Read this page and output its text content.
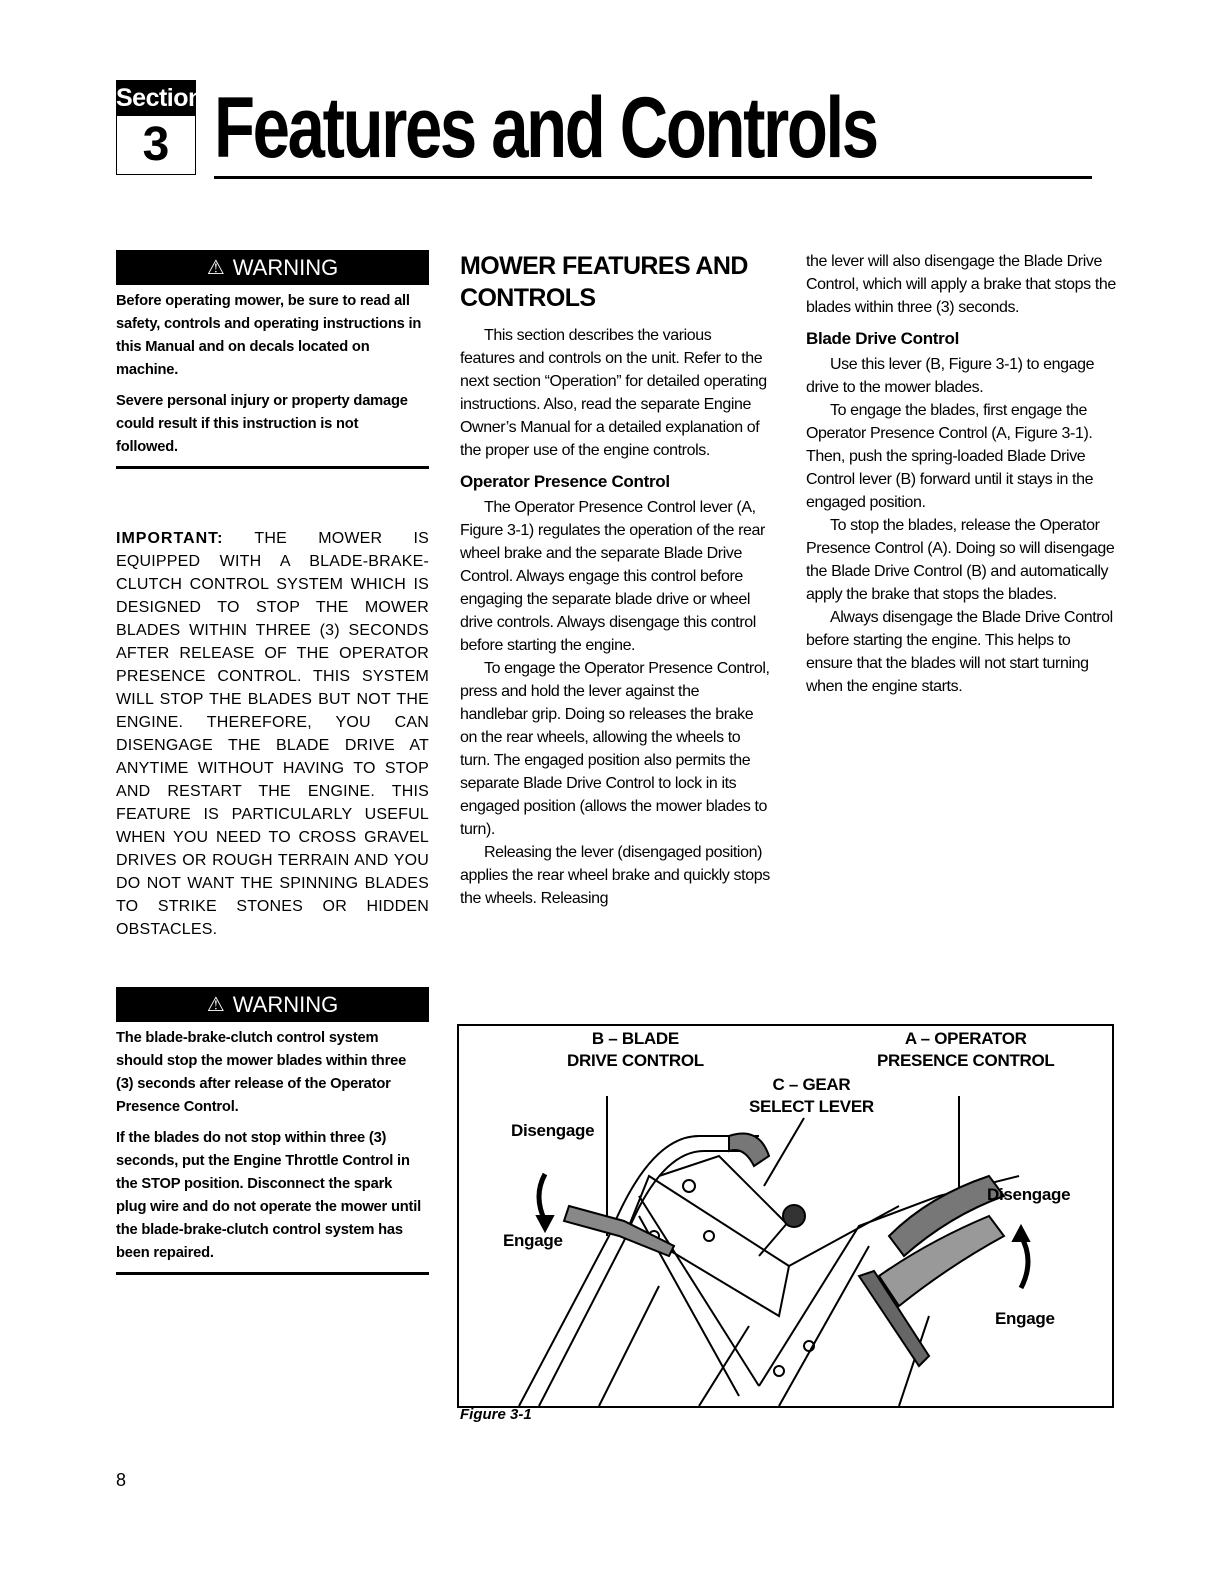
Section
3 Features and Controls
⚠ WARNING

Before operating mower, be sure to read all safety, controls and operating instructions in this Manual and on decals located on machine.

Severe personal injury or property damage could result if this instruction is not followed.

IMPORTANT: THE MOWER IS EQUIPPED WITH A BLADE-BRAKE-CLUTCH CONTROL SYSTEM WHICH IS DESIGNED TO STOP THE MOWER BLADES WITHIN THREE (3) SECONDS AFTER RELEASE OF THE OPERATOR PRESENCE CONTROL. THIS SYSTEM WILL STOP THE BLADES BUT NOT THE ENGINE. THEREFORE, YOU CAN DISENGAGE THE BLADE DRIVE AT ANYTIME WITHOUT HAVING TO STOP AND RESTART THE ENGINE. THIS FEATURE IS PARTICULARLY USEFUL WHEN YOU NEED TO CROSS GRAVEL DRIVES OR ROUGH TERRAIN AND YOU DO NOT WANT THE SPINNING BLADES TO STRIKE STONES OR HIDDEN OBSTACLES.

⚠ WARNING

The blade-brake-clutch control system should stop the mower blades within three (3) seconds after release of the Operator Presence Control.

If the blades do not stop within three (3) seconds, put the Engine Throttle Control in the STOP position. Disconnect the spark plug wire and do not operate the mower until the blade-brake-clutch control system has been repaired.

MOWER FEATURES AND CONTROLS

This section describes the various features and controls on the unit. Refer to the next section “Operation” for detailed operating instructions. Also, read the separate Engine Owner’s Manual for a detailed explanation of the proper use of the engine controls.

Operator Presence Control

The Operator Presence Control lever (A, Figure 3-1) regulates the operation of the rear wheel brake and the separate Blade Drive Control. Always engage this control before engaging the separate blade drive or wheel drive controls. Always disengage this control before starting the engine.

To engage the Operator Presence Control, press and hold the lever against the handlebar grip. Doing so releases the brake on the rear wheels, allowing the wheels to turn. The engaged position also permits the separate Blade Drive Control to lock in its engaged position (allows the mower blades to turn).

Releasing the lever (disengaged position) applies the rear wheel brake and quickly stops the wheels. Releasing

the lever will also disengage the Blade Drive Control, which will apply a brake that stops the blades within three (3) seconds.

Blade Drive Control

Use this lever (B, Figure 3-1) to engage drive to the mower blades.

To engage the blades, first engage the Operator Presence Control (A, Figure 3-1). Then, push the spring-loaded Blade Drive Control lever (B) forward until it stays in the engaged position.

To stop the blades, release the Operator Presence Control (A). Doing so will disengage the Blade Drive Control (B) and automatically apply the brake that stops the blades.

Always disengage the Blade Drive Control before starting the engine. This helps to ensure that the blades will not start turning when the engine starts.

B – BLADE
DRIVE CONTROL
A – OPERATOR
PRESENCE CONTROL
C – GEAR
SELECT LEVER
Disengage
Engage
Disengage
Engage
Figure 3-1
8
